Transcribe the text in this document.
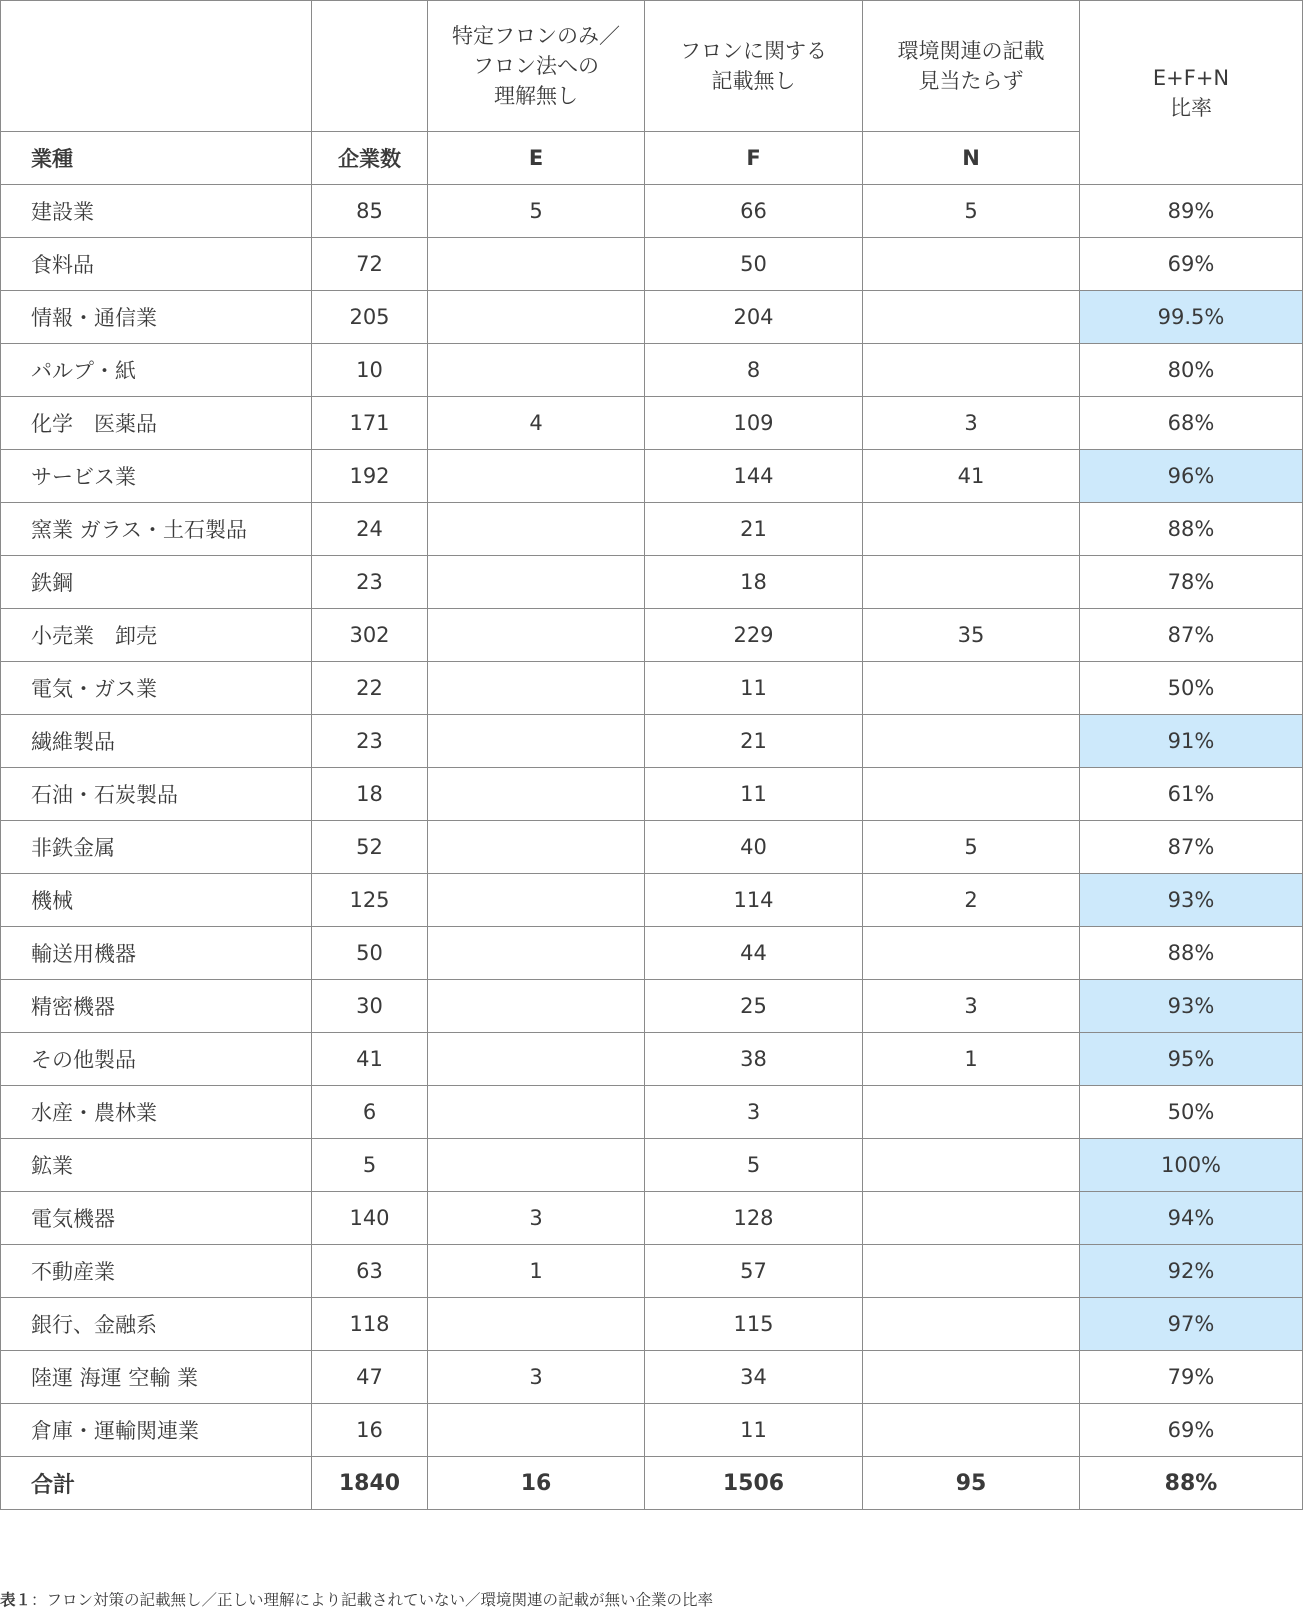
		特定フロンのみ／
フロン法への
理解無し	フロンに関する
記載無し	環境関連の記載
見当たらず	E+F+N
比率
業種	企業数	E	F	N	
建設業	85	5	66	5	89%
食料品	72		50		69%
情報・通信業	205		204		99.5%
パルプ・紙	10		8		80%
化学　医薬品	171	4	109	3	68%
サービス業	192		144	41	96%
窯業 ガラス・土石製品	24		21		88%
鉄鋼	23		18		78%
小売業　卸売	302		229	35	87%
電気・ガス業	22		11		50%
繊維製品	23		21		91%
石油・石炭製品	18		11		61%
非鉄金属	52		40	5	87%
機械	125		114	2	93%
輸送用機器	50		44		88%
精密機器	30		25	3	93%
その他製品	41		38	1	95%
水産・農林業	6		3		50%
鉱業	5		5		100%
電気機器	140	3	128		94%
不動産業	63	1	57		92%
銀行、金融系	118		115		97%
陸運 海運 空輸 業	47	3	34		79%
倉庫・運輸関連業	16		11		69%
合計	1840	16	1506	95	88%
表１：フロン対策の記載無し／正しい理解により記載されていない／環境関連の記載が無い企業の比率
